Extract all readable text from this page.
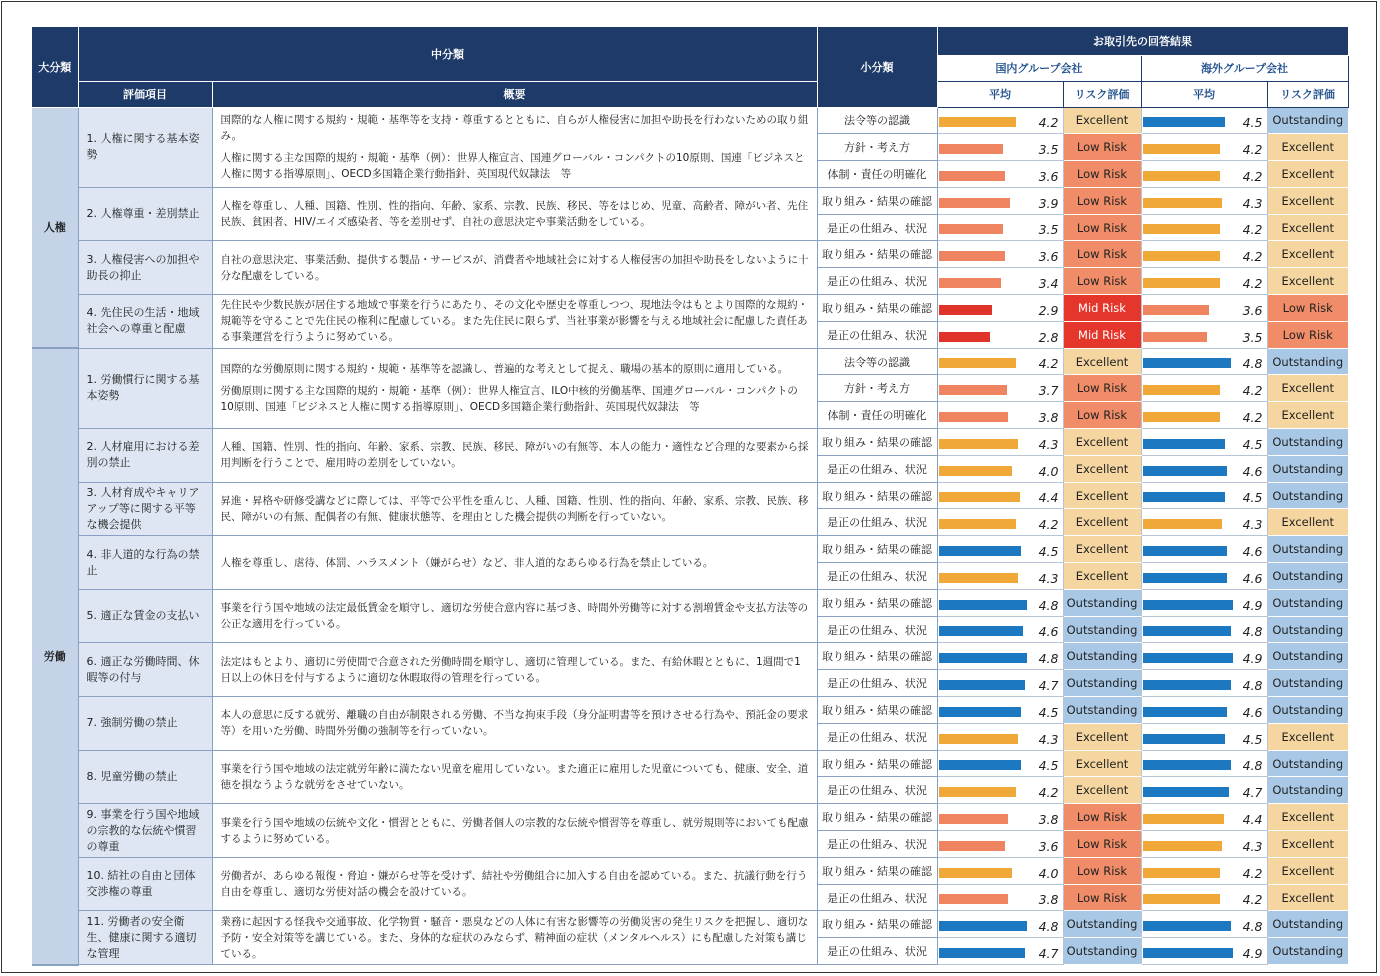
大分類	中分類		小分類	お取引先の回答結果			
				国内グループ会社		海外グループ会社	
	評価項目	概要		平均	リスク評価	平均	リスク評価
人権	1. 人権に関する基本姿勢	国際的な人権に関する規約・規範・基準等を支持・尊重するとともに、自らが人権侵害に加担や助長を行わないための取り組み。
人権に関する主な国際的規約・規範・基準（例）：世界人権宣言、国連グローバル・コンパクトの10原則、国連「ビジネスと人権に関する指導原則」、OECD多国籍企業行動指針、英国現代奴隷法　等	法令等の認識	4.2	Excellent	4.5	Outstanding
			方針・考え方	3.5	Low Risk	4.2	Excellent
			体制・責任の明確化	3.6	Low Risk	4.2	Excellent

	2. 人権尊重・差別禁止	人権を尊重し、人種、国籍、性別、性的指向、年齢、家系、宗教、民族、移民、等をはじめ、児童、高齢者、障がい者、先住民族、貧困者、HIV/エイズ感染者、等を差別せず、自社の意思決定や事業活動をしている。	取り組み・結果の確認	3.9	Low Risk	4.3	Excellent
			是正の仕組み、状況	3.5	Low Risk	4.2	Excellent

	3. 人権侵害への加担や助長の抑止	自社の意思決定、事業活動、提供する製品・サービスが、消費者や地域社会に対する人権侵害の加担や助長をしないように十分な配慮をしている。	取り組み・結果の確認	3.6	Low Risk	4.2	Excellent
			是正の仕組み、状況	3.4	Low Risk	4.2	Excellent

	4. 先住民の生活・地域社会への尊重と配慮	先住民や少数民族が居住する地域で事業を行うにあたり、その文化や歴史を尊重しつつ、現地法令はもとより国際的な規約・規範等を守ることで先住民の権利に配慮している。また先住民に限らず、当社事業が影響を与える地域社会に配慮した責任ある事業運営を行うように努めている。	取り組み・結果の確認	2.9	Mid Risk	3.6	Low Risk
			是正の仕組み、状況	2.8	Mid Risk	3.5	Low Risk
労働	1. 労働慣行に関する基本姿勢	国際的な労働原則に関する規約・規範・基準等を認識し、普遍的な考えとして捉え、職場の基本的原則に適用している。
労働原則に関する主な国際的規約・規範・基準（例）：世界人権宣言、ILO中核的労働基準、国連グローバル・コンパクトの10原則、国連「ビジネスと人権に関する指導原則」、OECD多国籍企業行動指針、英国現代奴隷法　等	法令等の認識	4.2	Excellent	4.8	Outstanding
			方針・考え方	3.7	Low Risk	4.2	Excellent
			体制・責任の明確化	3.8	Low Risk	4.2	Excellent

	2. 人材雇用における差別の禁止	人種、国籍、性別、性的指向、年齢、家系、宗教、民族、移民、障がいの有無等、本人の能力・適性など合理的な要素から採用判断を行うことで、雇用時の差別をしていない。	取り組み・結果の確認	4.3	Excellent	4.5	Outstanding
			是正の仕組み、状況	4.0	Excellent	4.6	Outstanding

	3. 人材育成やキャリアアップ等に関する平等な機会提供	昇進・昇格や研修受講などに際しては、平等で公平性を重んじ、人種、国籍、性別、性的指向、年齢、家系、宗教、民族、移民、障がいの有無、配偶者の有無、健康状態等、を理由とした機会提供の判断を行っていない。	取り組み・結果の確認	4.4	Excellent	4.5	Outstanding
			是正の仕組み、状況	4.2	Excellent	4.3	Excellent

	4. 非人道的な行為の禁止	人権を尊重し、虐待、体罰、ハラスメント（嫌がらせ）など、非人道的なあらゆる行為を禁止している。	取り組み・結果の確認	4.5	Excellent	4.6	Outstanding
			是正の仕組み、状況	4.3	Excellent	4.6	Outstanding

	5. 適正な賃金の支払い	事業を行う国や地域の法定最低賃金を順守し、適切な労使合意内容に基づき、時間外労働等に対する割増賃金や支払方法等の公正な適用を行っている。	取り組み・結果の確認	4.8	Outstanding	4.9	Outstanding
			是正の仕組み、状況	4.6	Outstanding	4.8	Outstanding

	6. 適正な労働時間、休暇等の付与	法定はもとより、適切に労使間で合意された労働時間を順守し、適切に管理している。また、有給休暇とともに、1週間で1日以上の休日を付与するように適切な休暇取得の管理を行っている。	取り組み・結果の確認	4.8	Outstanding	4.9	Outstanding
			是正の仕組み、状況	4.7	Outstanding	4.8	Outstanding

	7. 強制労働の禁止	本人の意思に反する就労、離職の自由が制限される労働、不当な拘束手段（身分証明書等を預けさせる行為や、預託金の要求等）を用いた労働、時間外労働の強制等を行っていない。	取り組み・結果の確認	4.5	Outstanding	4.6	Outstanding
			是正の仕組み、状況	4.3	Excellent	4.5	Excellent

	8. 児童労働の禁止	事業を行う国や地域の法定就労年齢に満たない児童を雇用していない。また適正に雇用した児童についても、健康、安全、道徳を損なうような就労をさせていない。	取り組み・結果の確認	4.5	Excellent	4.8	Outstanding
			是正の仕組み、状況	4.2	Excellent	4.7	Outstanding

	9. 事業を行う国や地域の宗教的な伝統や慣習の尊重	事業を行う国や地域の伝統や文化・慣習とともに、労働者個人の宗教的な伝統や慣習等を尊重し、就労規則等においても配慮するように努めている。	取り組み・結果の確認	3.8	Low Risk	4.4	Excellent
			是正の仕組み、状況	3.6	Low Risk	4.3	Excellent

	10. 結社の自由と団体交渉権の尊重	労働者が、あらゆる報復・脅迫・嫌がらせ等を受けず、結社や労働組合に加入する自由を認めている。また、抗議行動を行う自由を尊重し、適切な労使対話の機会を設けている。	取り組み・結果の確認	4.0	Low Risk	4.2	Excellent
			是正の仕組み、状況	3.8	Low Risk	4.2	Excellent

	11. 労働者の安全衛生、健康に関する適切な管理	業務に起因する怪我や交通事故、化学物質・騒音・悪臭などの人体に有害な影響等の労働災害の発生リスクを把握し、適切な予防・安全対策等を講じている。また、身体的な症状のみならず、精神面の症状（メンタルヘルス）にも配慮した対策も講じている。	取り組み・結果の確認	4.8	Outstanding	4.8	Outstanding
			是正の仕組み、状況	4.7	Outstanding	4.9	Outstanding
